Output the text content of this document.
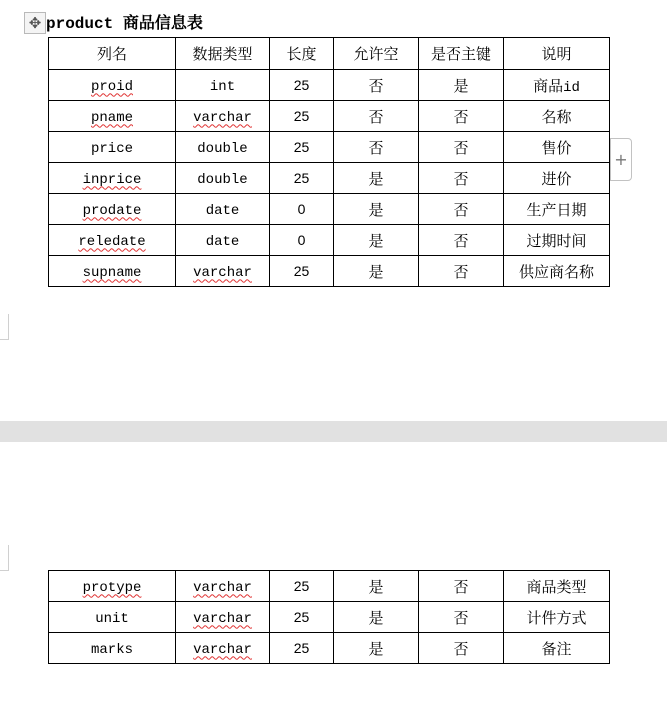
✥ product 商品信息表
列名	数据类型	长度	允许空	是否主键	说明
proid	int	25	否	是	商品id
pname	varchar	25	否	否	名称
price	double	25	否	否	售价
inprice	double	25	是	否	进价
prodate	date	0	是	否	生产日期
reledate	date	0	是	否	过期时间
supname	varchar	25	是	否	供应商名称
+
protype	varchar	25	是	否	商品类型
unit	varchar	25	是	否	计件方式
marks	varchar	25	是	否	备注
